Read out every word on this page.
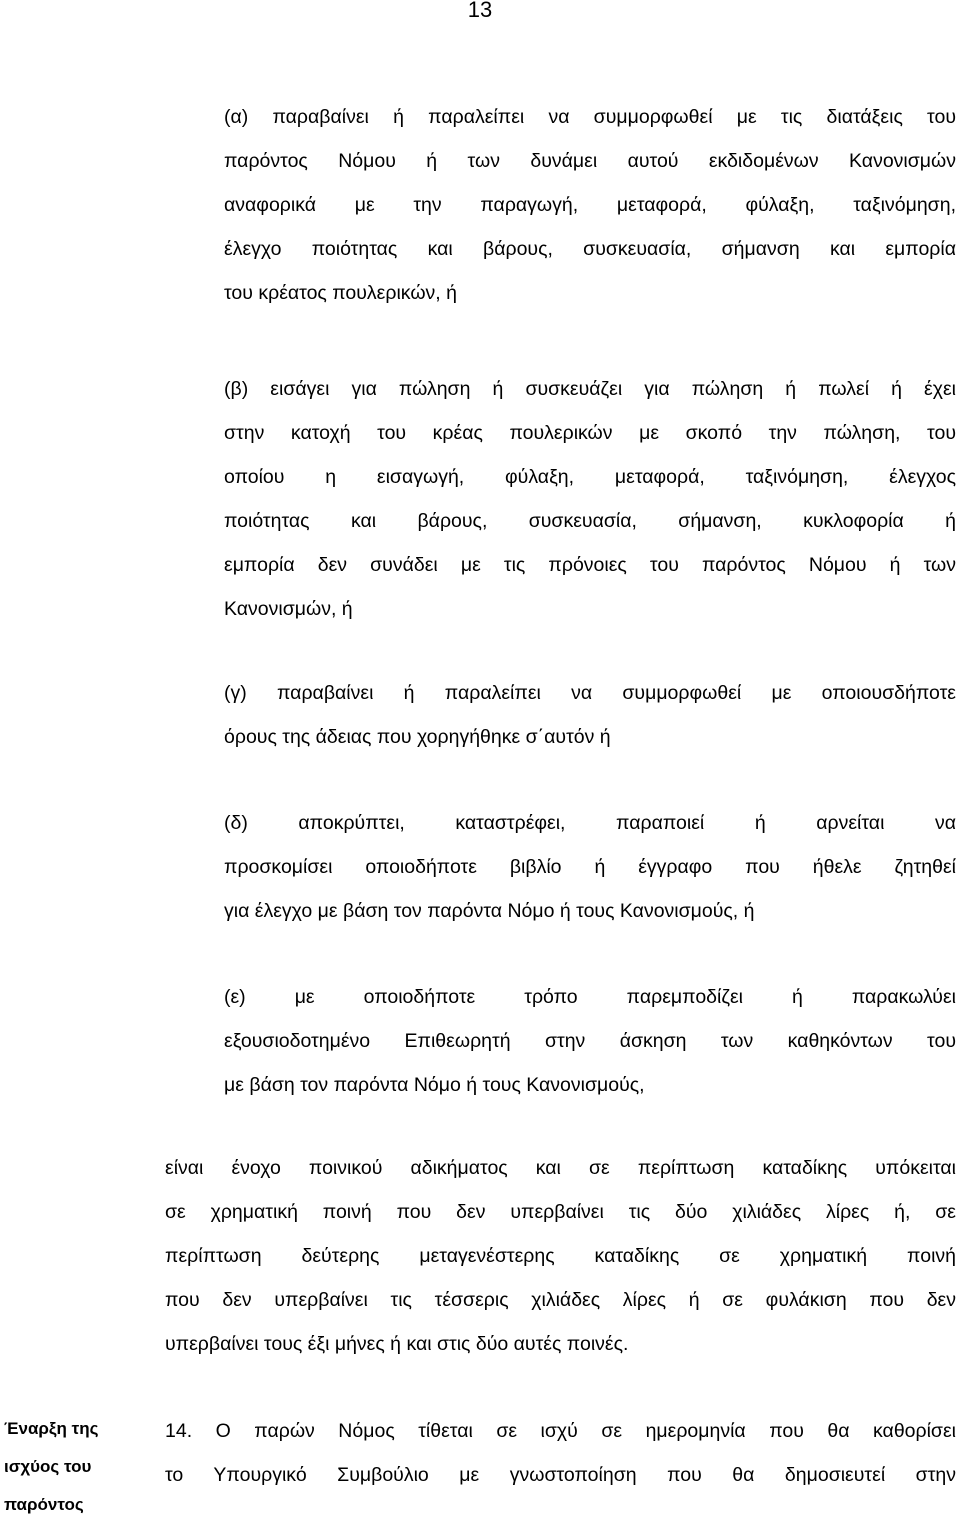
13
(α) παραβαίνει ή παραλείπει να συμμορφωθεί με τις διατάξεις του
παρόντος Νόμου ή των δυνάμει αυτού εκδιδομένων Κανονισμών
αναφορικά με την παραγωγή, μεταφορά, φύλαξη, ταξινόμηση,
έλεγχο ποιότητας και βάρους, συσκευασία, σήμανση και εμπορία
του κρέατος πουλερικών, ή
(β) εισάγει για πώληση ή συσκευάζει για πώληση ή πωλεί ή έχει
στην κατοχή του κρέας πουλερικών με σκοπό την πώληση, του
οποίου η εισαγωγή, φύλαξη, μεταφορά, ταξινόμηση, έλεγχος
ποιότητας και βάρους, συσκευασία, σήμανση, κυκλοφορία ή
εμπορία δεν συνάδει με τις πρόνοιες του παρόντος Νόμου ή των
Κανονισμών, ή
(γ) παραβαίνει ή παραλείπει να συμμορφωθεί με οποιουσδήποτε
όρους της άδειας που χορηγήθηκε σ΄αυτόν ή
(δ) αποκρύπτει, καταστρέφει, παραποιεί ή αρνείται να
προσκομίσει οποιοδήποτε βιβλίο ή έγγραφο που ήθελε ζητηθεί
για έλεγχο με βάση τον παρόντα Νόμο ή τους Κανονισμούς, ή
(ε) με οποιοδήποτε τρόπο παρεμποδίζει ή παρακωλύει
εξουσιοδοτημένο Επιθεωρητή στην άσκηση των καθηκόντων του
με βάση τον παρόντα Νόμο ή τους Κανονισμούς,
είναι ένοχο ποινικού αδικήματος και σε περίπτωση καταδίκης υπόκειται
σε χρηματική ποινή που δεν υπερβαίνει τις δύο χιλιάδες λίρες ή, σε
περίπτωση δεύτερης μεταγενέστερης καταδίκης σε χρηματική ποινή
που δεν υπερβαίνει τις τέσσερις χιλιάδες λίρες ή σε φυλάκιση που δεν
υπερβαίνει τους έξι μήνες ή και στις δύο αυτές ποινές.
Έναρξη της
ισχύος του
παρόντος
14. Ο παρών Νόμος τίθεται σε ισχύ σε ημερομηνία που θα καθορίσει
το Υπουργικό Συμβούλιο με γνωστοποίηση που θα δημοσιευτεί στην
